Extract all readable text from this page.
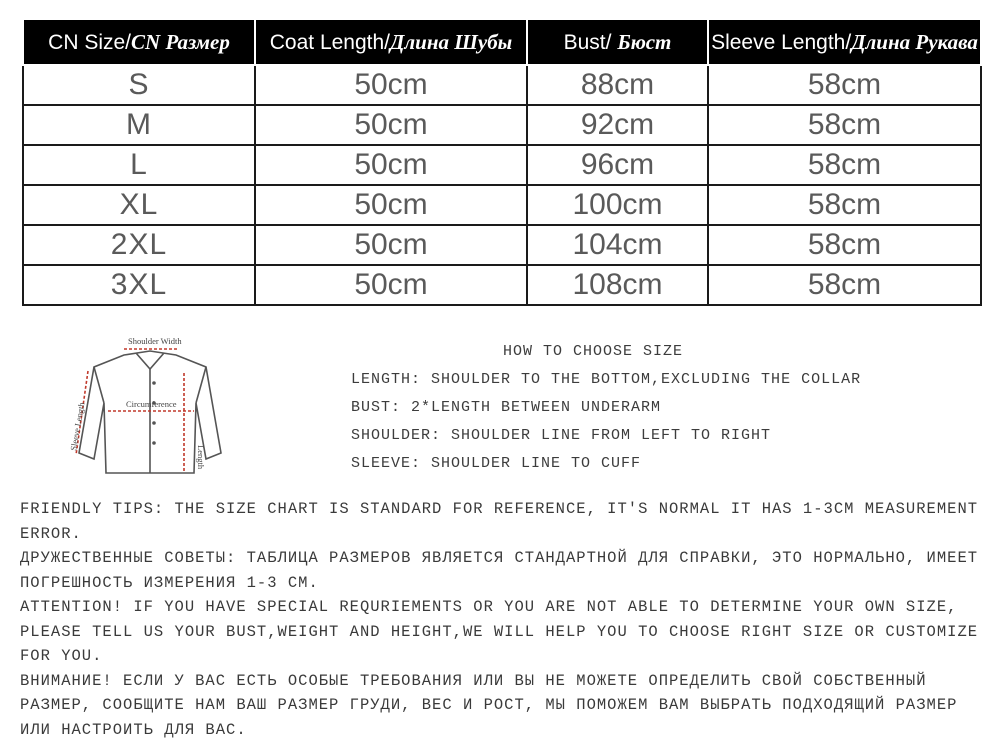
CN Size/CN Размер	Coat Length/Длина Шубы	Bust/ Бюст	Sleeve Length/Длина Рукава
S	50cm	88cm	58cm
M	50cm	92cm	58cm
L	50cm	96cm	58cm
XL	50cm	100cm	58cm
2XL	50cm	104cm	58cm
3XL	50cm	108cm	58cm
Shoulder Width
Circumference
Sleeve Length
Length
HOW TO CHOOSE SIZE
LENGTH: SHOULDER TO THE BOTTOM,EXCLUDING THE COLLAR
BUST: 2*LENGTH BETWEEN UNDERARM
SHOULDER: SHOULDER LINE FROM LEFT TO RIGHT
SLEEVE: SHOULDER LINE TO CUFF

FRIENDLY TIPS: THE SIZE CHART IS STANDARD FOR REFERENCE, IT'S NORMAL IT HAS 1-3CM MEASUREMENT ERROR.

ДРУЖЕСТВЕННЫЕ СОВЕТЫ: ТАБЛИЦА РАЗМЕРОВ ЯВЛЯЕТСЯ СТАНДАРТНОЙ ДЛЯ СПРАВКИ, ЭТО НОРМАЛЬНО, ИМЕЕТ ПОГРЕШНОСТЬ ИЗМЕРЕНИЯ 1-3 СМ.

ATTENTION! IF YOU HAVE SPECIAL REQURIEMENTS OR YOU ARE NOT ABLE TO DETERMINE YOUR OWN SIZE, PLEASE TELL US YOUR BUST,WEIGHT AND HEIGHT,WE WILL HELP YOU TO CHOOSE RIGHT SIZE OR CUSTOMIZE FOR YOU.

ВНИМАНИЕ! ЕСЛИ У ВАС ЕСТЬ ОСОБЫЕ ТРЕБОВАНИЯ ИЛИ ВЫ НЕ МОЖЕТЕ ОПРЕДЕЛИТЬ СВОЙ СОБСТВЕННЫЙ РАЗМЕР, СООБЩИТЕ НАМ ВАШ РАЗМЕР ГРУДИ, ВЕС И РОСТ, МЫ ПОМОЖЕМ ВАМ ВЫБРАТЬ ПОДХОДЯЩИЙ РАЗМЕР ИЛИ НАСТРОИТЬ ДЛЯ ВАС.
